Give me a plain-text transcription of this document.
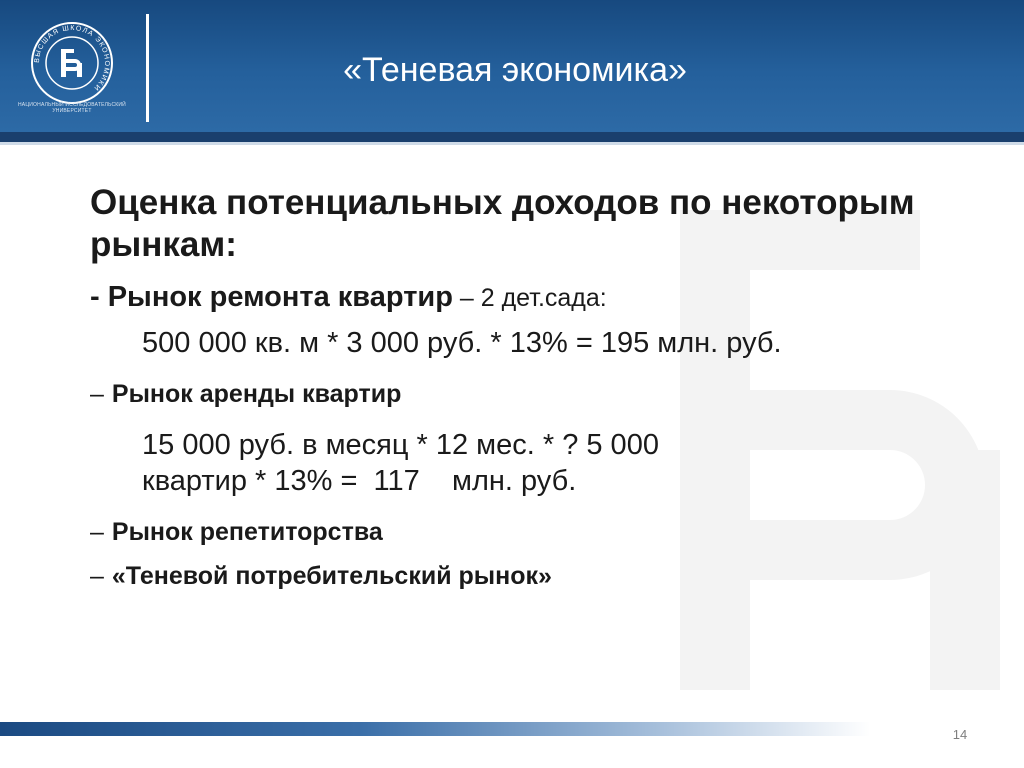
ВЫСШАЯ ШКОЛА ЭКОНОМИКИ
НАЦИОНАЛЬНЫЙ ИССЛЕДОВАТЕЛЬСКИЙ УНИВЕРСИТЕТ
«Теневая экономика»
Оценка потенциальных доходов по некоторым рынкам:
- Рынок ремонта квартир – 2 дет.сада:
500 000 кв. м * 3 000 руб. * 13% = 195 млн. руб.
– Рынок аренды квартир
15 000 руб. в месяц * 12 мес. * ? 5 000
квартир * 13% =  117    млн. руб.
– Рынок репетиторства
– «Теневой потребительский рынок»
14
